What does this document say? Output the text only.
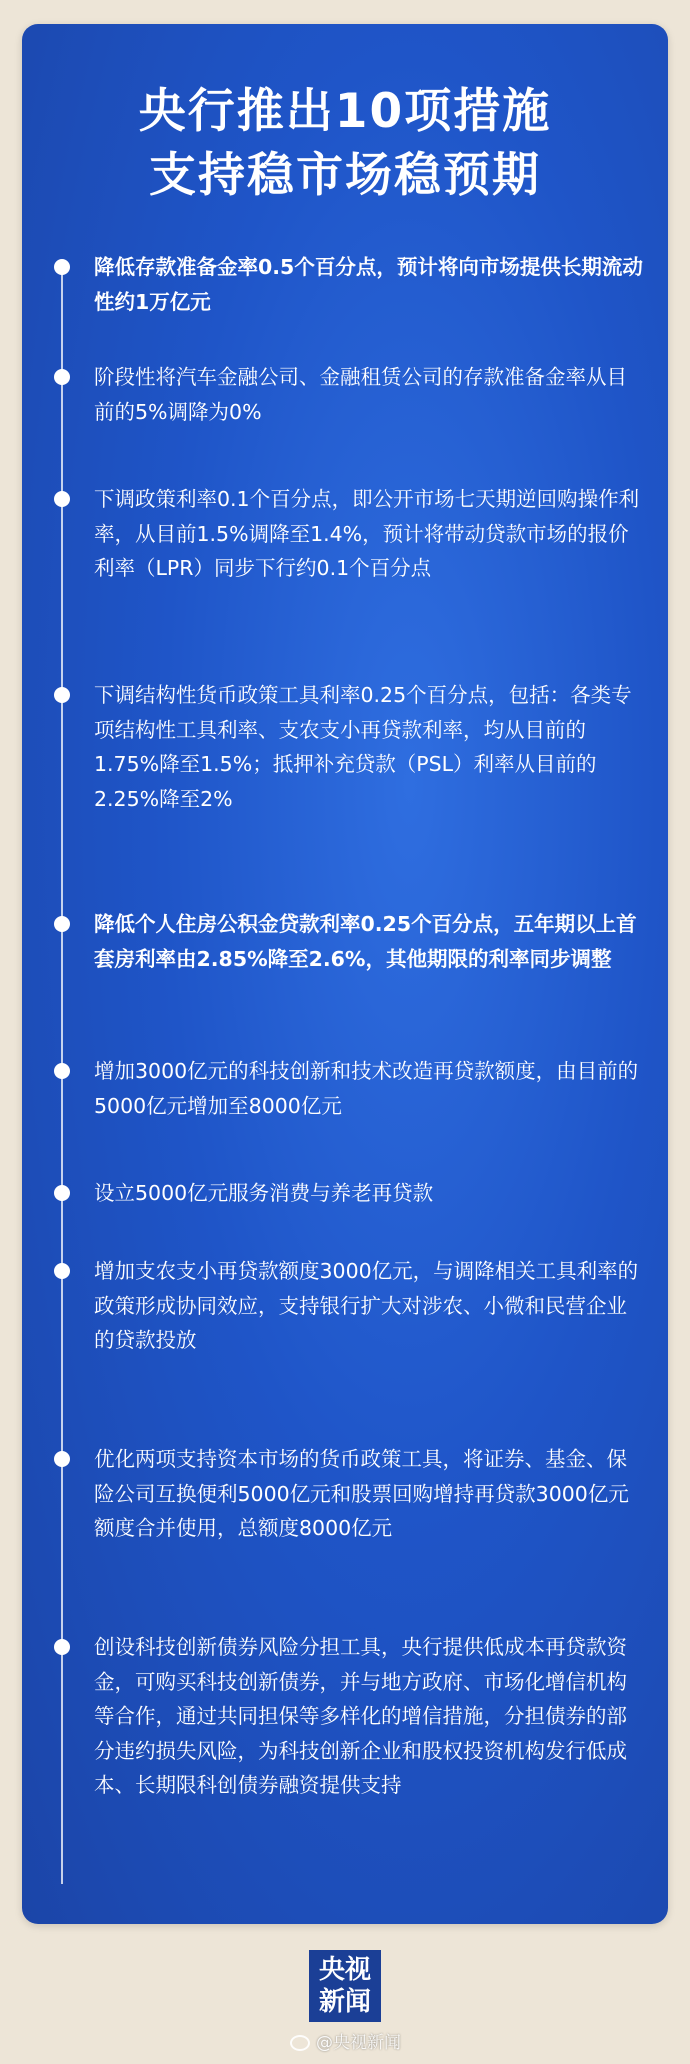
央行推出10项措施
支持稳市场稳预期
降低存款准备金率0.5个百分点，预计将向市场提供长期流动性约1万亿元
阶段性将汽车金融公司、金融租赁公司的存款准备金率从目前的5%调降为0%
下调政策利率0.1个百分点，即公开市场七天期逆回购操作利率，从目前1.5%调降至1.4%，预计将带动贷款市场的报价利率（LPR）同步下行约0.1个百分点
下调结构性货币政策工具利率0.25个百分点，包括：各类专项结构性工具利率、支农支小再贷款利率，均从目前的1.75%降至1.5%；抵押补充贷款（PSL）利率从目前的2.25%降至2%
降低个人住房公积金贷款利率0.25个百分点，五年期以上首套房利率由2.85%降至2.6%，其他期限的利率同步调整
增加3000亿元的科技创新和技术改造再贷款额度，由目前的5000亿元增加至8000亿元
设立5000亿元服务消费与养老再贷款
增加支农支小再贷款额度3000亿元，与调降相关工具利率的政策形成协同效应，支持银行扩大对涉农、小微和民营企业的贷款投放
优化两项支持资本市场的货币政策工具，将证券、基金、保险公司互换便利5000亿元和股票回购增持再贷款3000亿元额度合并使用，总额度8000亿元
创设科技创新债券风险分担工具，央行提供低成本再贷款资金，可购买科技创新债券，并与地方政府、市场化增信机构等合作，通过共同担保等多样化的增信措施，分担债券的部分违约损失风险，为科技创新企业和股权投资机构发行低成本、长期限科创债券融资提供支持
央视
新闻
@央视新闻
